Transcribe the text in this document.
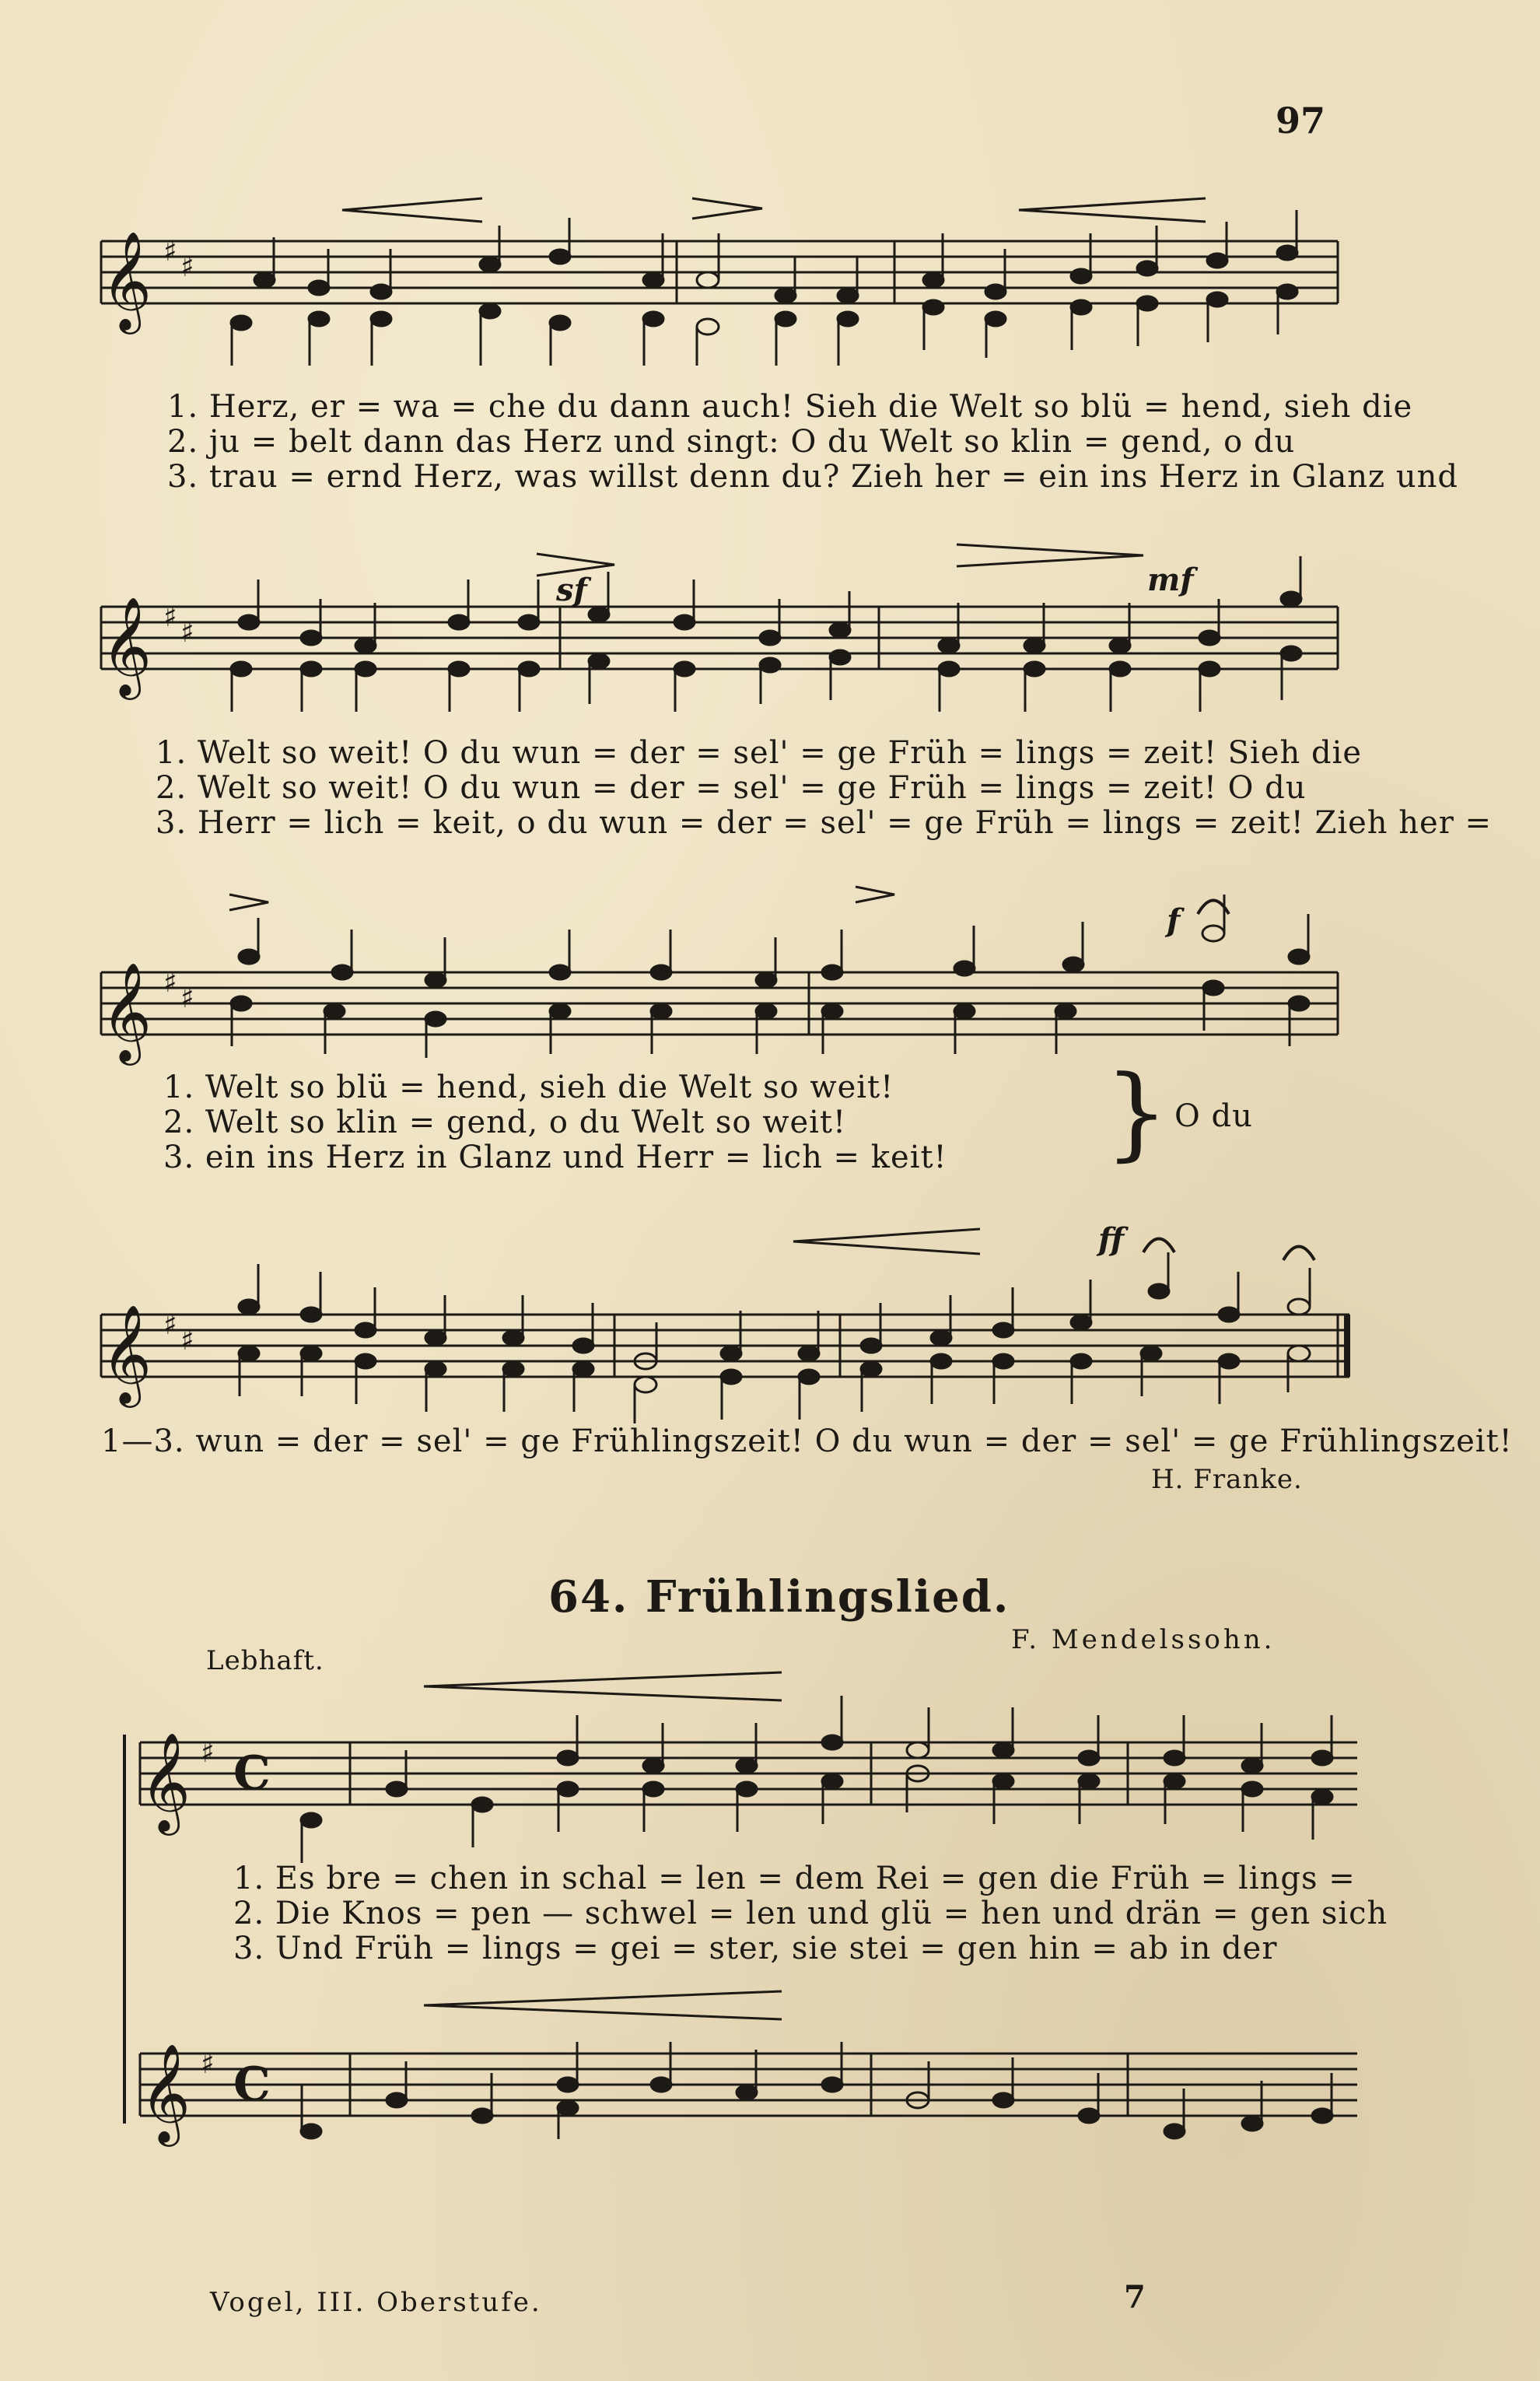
97
𝄞 ♯ ♯
𝄞 ♯ ♯
𝄞 ♯ ♯
𝄞 ♯ ♯
𝄞 ♯ C
𝄞 ♯ C
1. Herz, er = wa = che du dann auch! Sieh die Welt so blü = hend, sieh die
2. ju = belt dann das Herz und singt: O du Welt so klin = gend, o du
3. trau = ernd Herz, was willst denn du? Zieh her = ein ins Herz in Glanz und
sf	mf
1. Welt so weit! O du wun = der = sel' = ge Früh = lings = zeit! Sieh die
2. Welt so weit! O du wun = der = sel' = ge Früh = lings = zeit! O du
3. Herr = lich = keit, o du wun = der = sel' = ge Früh = lings = zeit! Zieh her =
f
1. Welt so blü = hend, sieh die Welt so weit!
2. Welt so klin = gend, o du Welt so weit!
3. ein ins Herz in Glanz und Herr = lich = keit! } O du
ff
1—3. wun = der = sel' = ge Frühlingszeit! O du wun = der = sel' = ge Frühlingszeit!
H. Franke.
64. Frühlingslied.
Lebhaft.
F. Mendelssohn.
1. Es bre = chen in schal = len = dem Rei = gen die Früh = lings =
2. Die Knos = pen — schwel = len und glü = hen und drän = gen sich
3. Und Früh = lings = gei = ster, sie stei = gen hin = ab in der
Vogel, III. Oberstufe.	7
